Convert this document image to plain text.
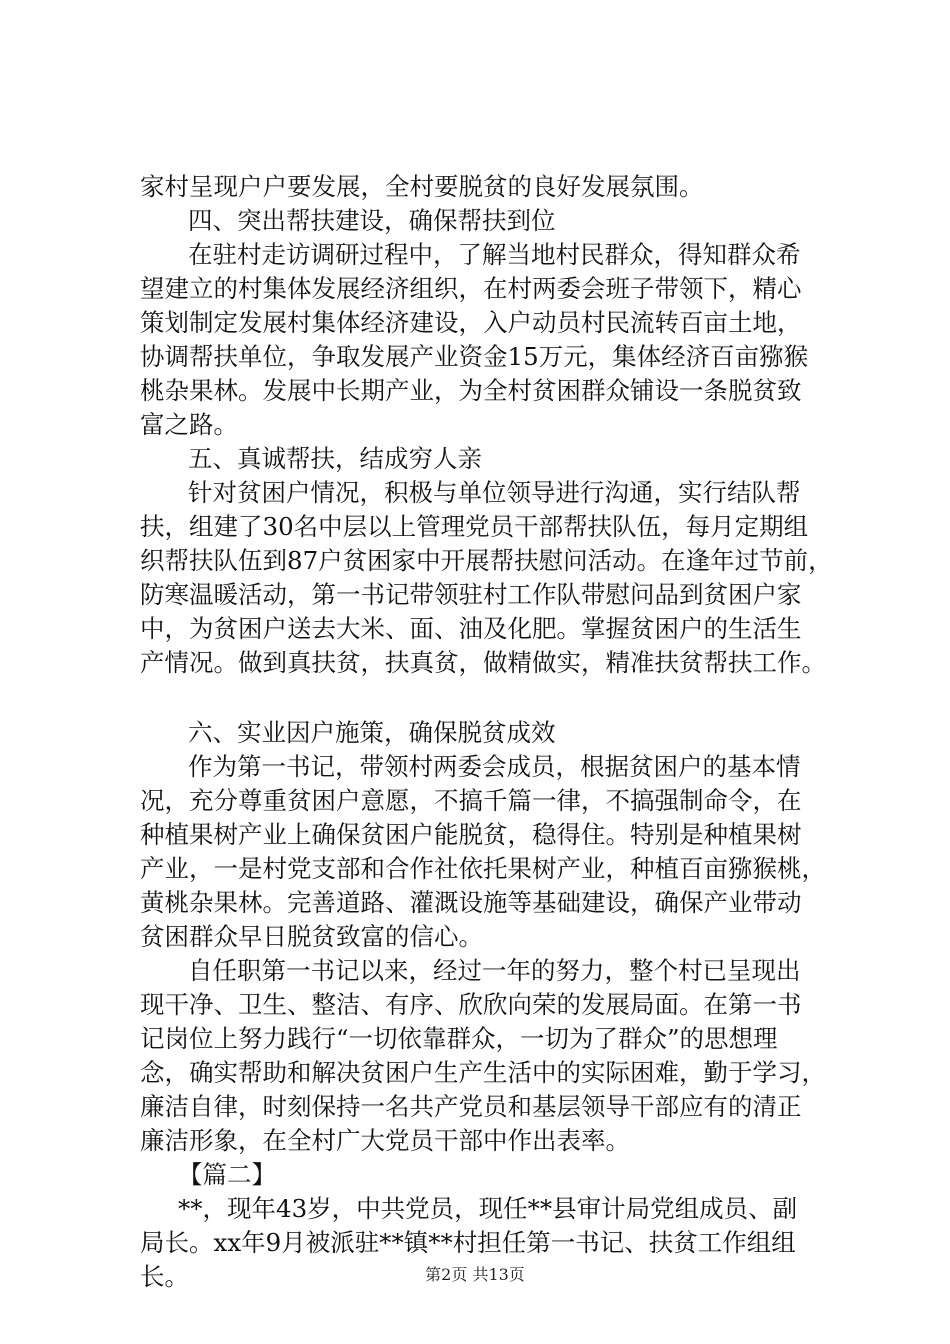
家村呈现户户要发展，全村要脱贫的良好发展氛围。
四、突出帮扶建设，确保帮扶到位
在驻村走访调研过程中，了解当地村民群众，得知群众希
望建立的村集体发展经济组织，在村两委会班子带领下，精心
策划制定发展村集体经济建设，入户动员村民流转百亩土地，
协调帮扶单位，争取发展产业资金15万元，集体经济百亩猕猴
桃杂果林。发展中长期产业，为全村贫困群众铺设一条脱贫致
富之路。
五、真诚帮扶，结成穷人亲
针对贫困户情况，积极与单位领导进行沟通，实行结队帮
扶，组建了30名中层以上管理党员干部帮扶队伍，每月定期组
织帮扶队伍到87户贫困家中开展帮扶慰问活动。在逢年过节前，
防寒温暖活动，第一书记带领驻村工作队带慰问品到贫困户家
中，为贫困户送去大米、面、油及化肥。掌握贫困户的生活生
产情况。做到真扶贫，扶真贫，做精做实，精准扶贫帮扶工作。
六、实业因户施策，确保脱贫成效
作为第一书记，带领村两委会成员，根据贫困户的基本情
况，充分尊重贫困户意愿，不搞千篇一律，不搞强制命令，在
种植果树产业上确保贫困户能脱贫，稳得住。特别是种植果树
产业，一是村党支部和合作社依托果树产业，种植百亩猕猴桃，
黄桃杂果林。完善道路、灌溉设施等基础建设，确保产业带动
贫困群众早日脱贫致富的信心。
自任职第一书记以来，经过一年的努力，整个村已呈现出
现干净、卫生、整洁、有序、欣欣向荣的发展局面。在第一书
记岗位上努力践行“一切依靠群众，一切为了群众”的思想理
念，确实帮助和解决贫困户生产生活中的实际困难，勤于学习，
廉洁自律，时刻保持一名共产党员和基层领导干部应有的清正
廉洁形象，在全村广大党员干部中作出表率。
【篇二】
**，现年43岁，中共党员，现任**县审计局党组成员、副
局长。xx年9月被派驻**镇**村担任第一书记、扶贫工作组组
长。	第2页 共13页
